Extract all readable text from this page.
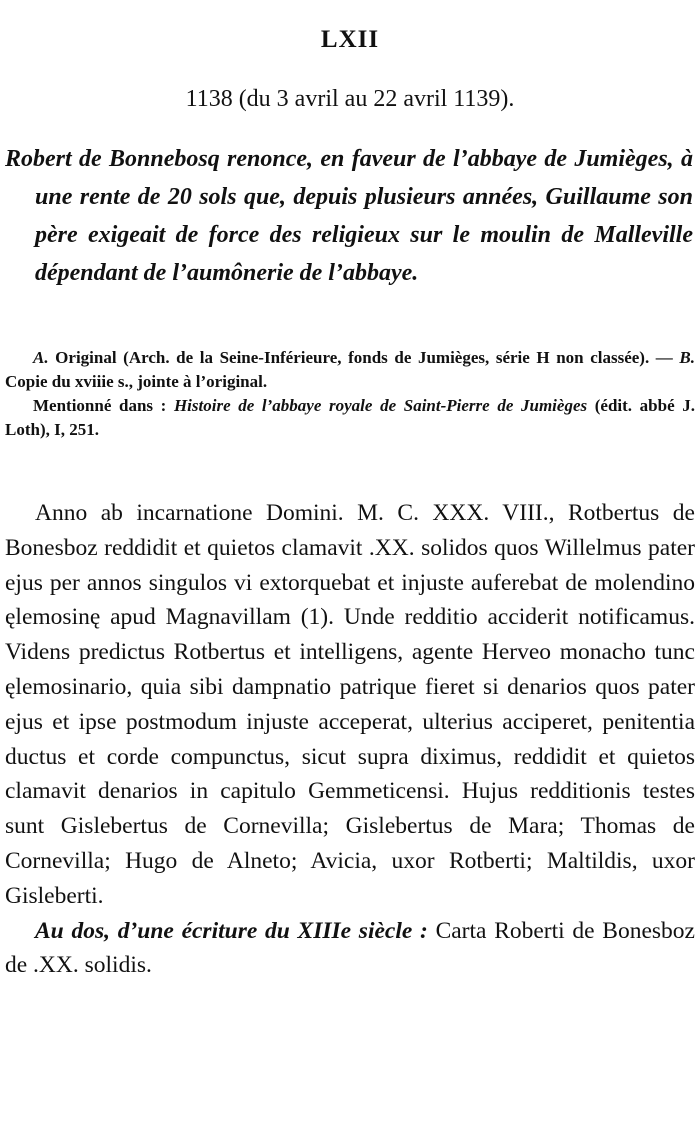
LXII
1138 (du 3 avril au 22 avril 1139).

Robert de Bonnebosq renonce, en faveur de l’abbaye de Jumièges, à une rente de 20 sols que, depuis plusieurs années, Guillaume son père exigeait de force des religieux sur le moulin de Malleville dépendant de l’aumônerie de l’abbaye.

A. Original (Arch. de la Seine-Inférieure, fonds de Jumièges, série H non classée). — B. Copie du xviiie s., jointe à l’original.

Mentionné dans : Histoire de l’abbaye royale de Saint-Pierre de Jumièges (édit. abbé J. Loth), I, 251.

Anno ab incarnatione Domini. M. C. XXX. VIII., Rotbertus de Bonesboz reddidit et quietos clamavit .XX. solidos quos Willelmus pater ejus per annos singulos vi extorquebat et injuste auferebat de molendino ęlemosinę apud Magnavillam (1). Unde redditio acciderit notificamus. Videns predictus Rotbertus et intelligens, agente Herveo monacho tunc ęlemosinario, quia sibi dampnatio patrique fieret si denarios quos pater ejus et ipse postmodum injuste acceperat, ulterius acciperet, penitentia ductus et corde compunctus, sicut supra diximus, reddidit et quietos clamavit denarios in capitulo Gemmeticensi. Hujus redditionis testes sunt Gislebertus de Cornevilla; Gislebertus de Mara; Thomas de Cornevilla; Hugo de Alneto; Avicia, uxor Rotberti; Maltildis, uxor Gisleberti.

Au dos, d’une écriture du XIIIe siècle : Carta Roberti de Bonesboz de .XX. solidis.
